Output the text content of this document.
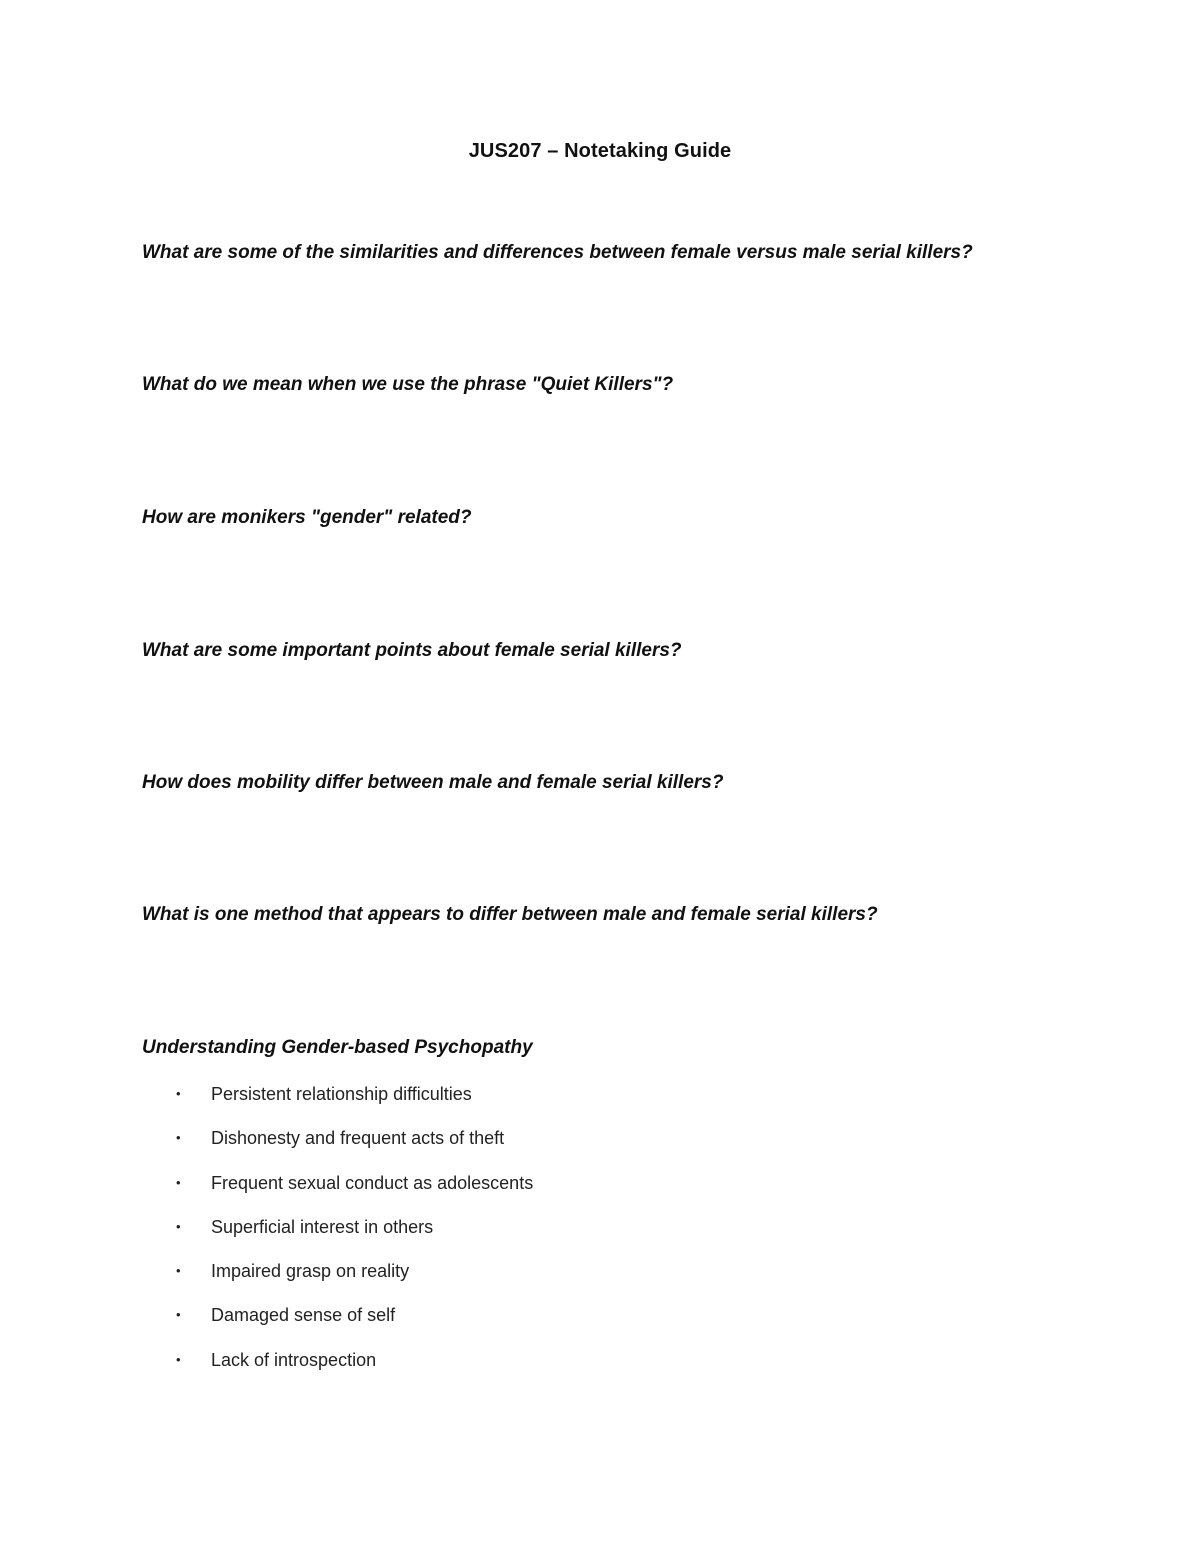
JUS207 – Notetaking Guide
What are some of the similarities and differences between female versus male serial killers?
What do we mean when we use the phrase "Quiet Killers"?
How are monikers "gender" related?
What are some important points about female serial killers?
How does mobility differ between male and female serial killers?
What is one method that appears to differ between male and female serial killers?
Understanding Gender-based Psychopathy
• Persistent relationship difficulties
• Dishonesty and frequent acts of theft
• Frequent sexual conduct as adolescents
• Superficial interest in others
• Impaired grasp on reality
• Damaged sense of self
• Lack of introspection
